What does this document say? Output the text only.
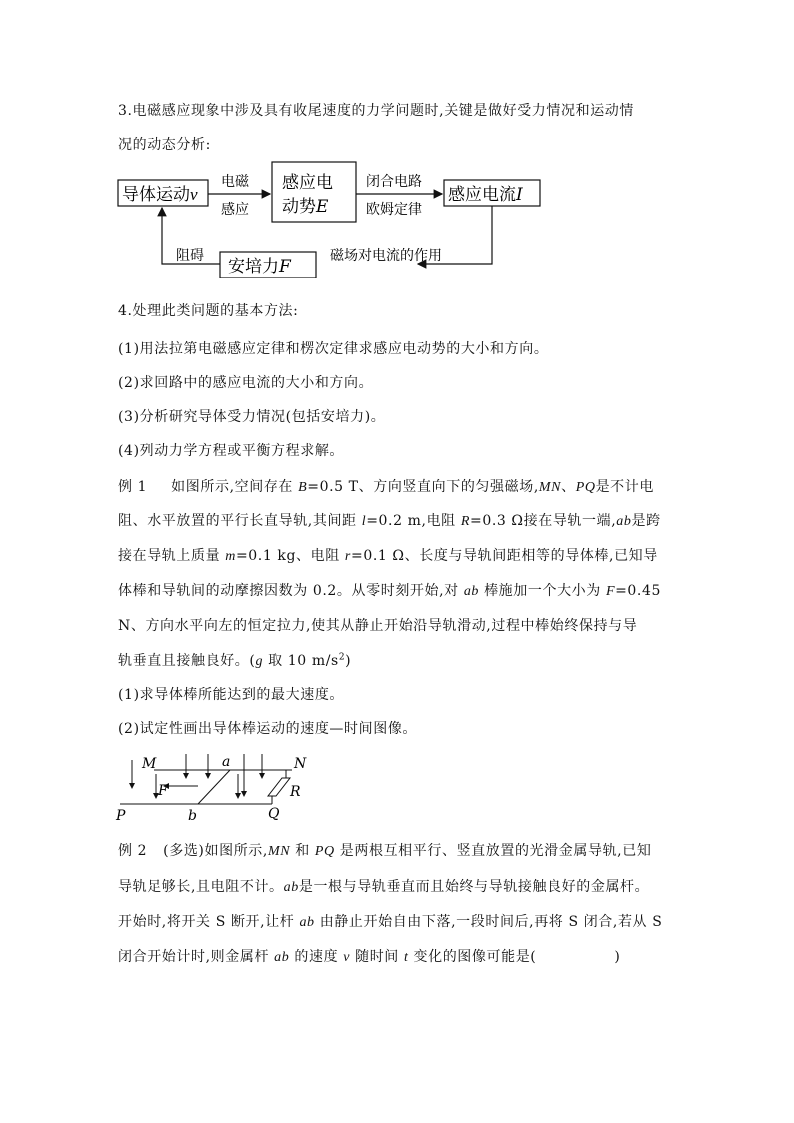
3.电磁感应现象中涉及具有收尾速度的力学问题时,关键是做好受力情况和运动情
况的动态分析:
导体运动v
电磁
感应
感应电
动势E
闭合电路
欧姆定律
感应电流I
磁场对电流的作用
安培力F
阻碍
4.处理此类问题的基本方法:
(1)用法拉第电磁感应定律和楞次定律求感应电动势的大小和方向。
(2)求回路中的感应电流的大小和方向。
(3)分析研究导体受力情况(包括安培力)。
(4)列动力学方程或平衡方程求解。
例 1 如图所示,空间存在 B=0.5 T、方向竖直向下的匀强磁场,MN、PQ是不计电
阻、水平放置的平行长直导轨,其间距 l=0.2 m,电阻 R=0.3 Ω接在导轨一端,ab是跨
接在导轨上质量 m=0.1 kg、电阻 r=0.1 Ω、长度与导轨间距相等的导体棒,已知导
体棒和导轨间的动摩擦因数为 0.2。从零时刻开始,对 ab 棒施加一个大小为 F=0.45
N、方向水平向左的恒定拉力,使其从静止开始沿导轨滑动,过程中棒始终保持与导
轨垂直且接触良好。(g 取 10 $m/s^2$)
(1)求导体棒所能达到的最大速度。
(2)试定性画出导体棒运动的速度—时间图像。
M	N
a
F	R
P	b	Q
例 2 (多选)如图所示,MN 和 PQ 是两根互相平行、竖直放置的光滑金属导轨,已知
导轨足够长,且电阻不计。ab是一根与导轨垂直而且始终与导轨接触良好的金属杆。
开始时,将开关 S 断开,让杆 ab 由静止开始自由下落,一段时间后,再将 S 闭合,若从 S
闭合开始计时,则金属杆 ab 的速度 v 随时间 t 变化的图像可能是(	)
